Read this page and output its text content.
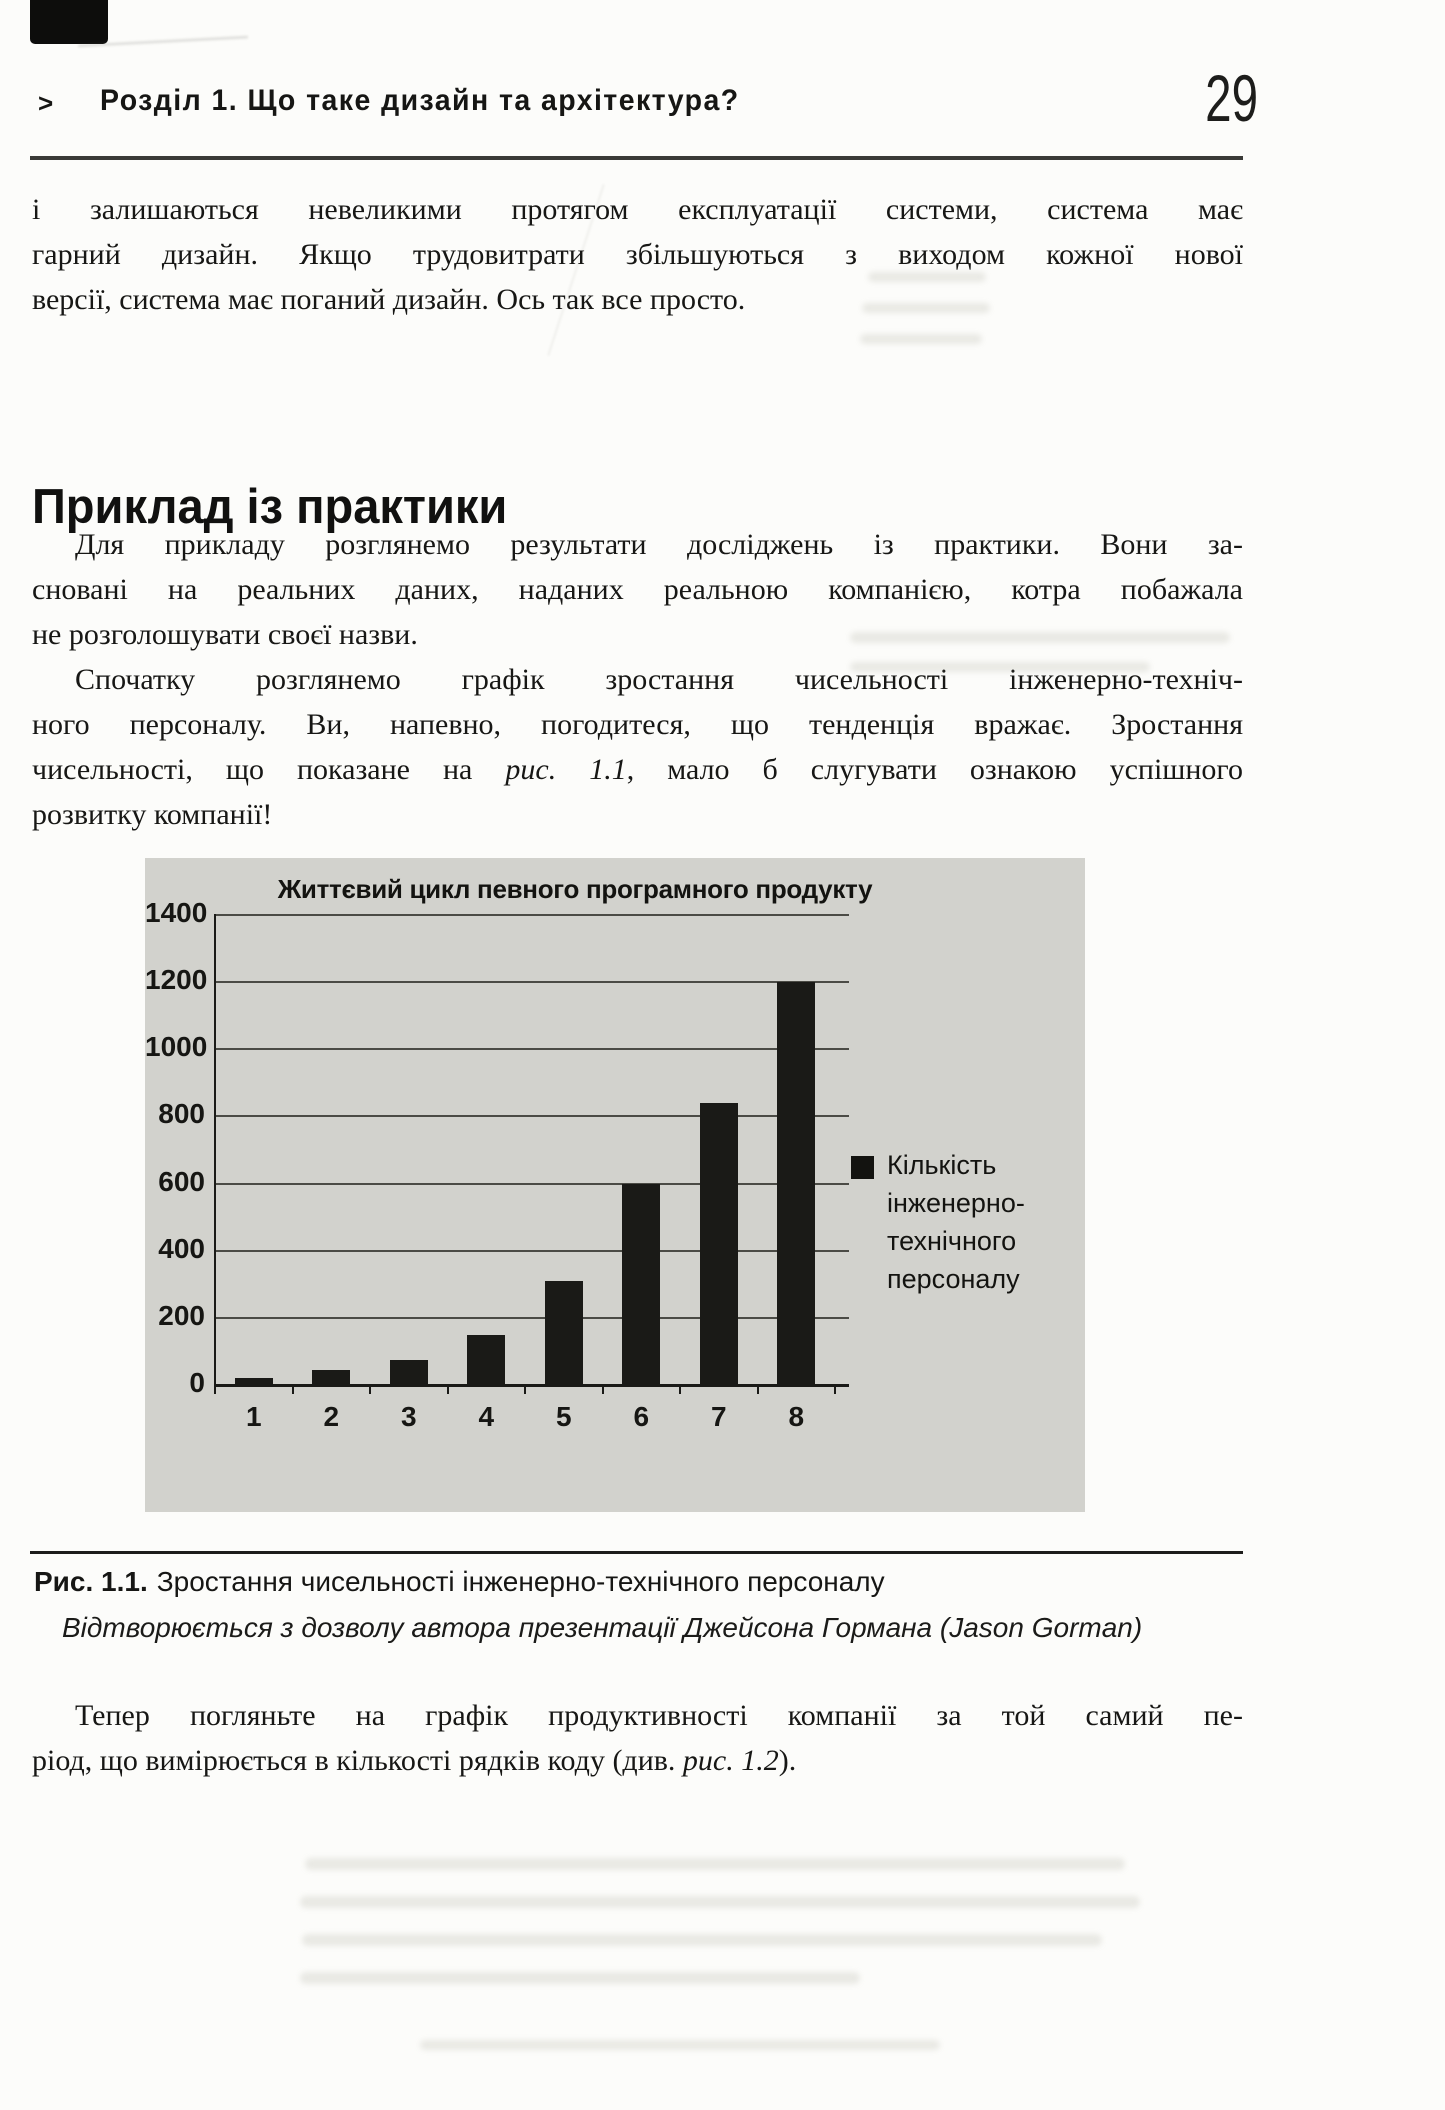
> Розділ 1. Що таке дизайн та архітектура?	29
і залишаються невеликими протягом експлуатації системи, система має
гарний дизайн. Якщо трудовитрати збільшуються з виходом кожної нової
версії, система має поганий дизайн. Ось так все просто.
Приклад із практики
Для прикладу розглянемо результати досліджень із практики. Вони за-
сновані на реальних даних, наданих реальною компанією, котра побажала
не розголошувати своєї назви.
Спочатку розглянемо графік зростання чисельності інженерно-техніч-
ного персоналу. Ви, напевно, погодитеся, що тенденція вражає. Зростання
чисельності, що показане на рис. 1.1, мало б слугувати ознакою успішного
розвитку компанії!
Життєвий цикл певного програмного продукту
1400
1200
1000
800
600
400
200
0
1	2	3	4	5	6	7	8
Кількість
інженерно-
технічного
персоналу
Рис. 1.1. Зростання чисельності інженерно-технічного персоналу
Відтворюється з дозволу автора презентації Джейсона Гормана (Jason Gorman)
Тепер погляньте на графік продуктивності компанії за той самий пе-
ріод, що вимірюється в кількості рядків коду (див. рис. 1.2).
